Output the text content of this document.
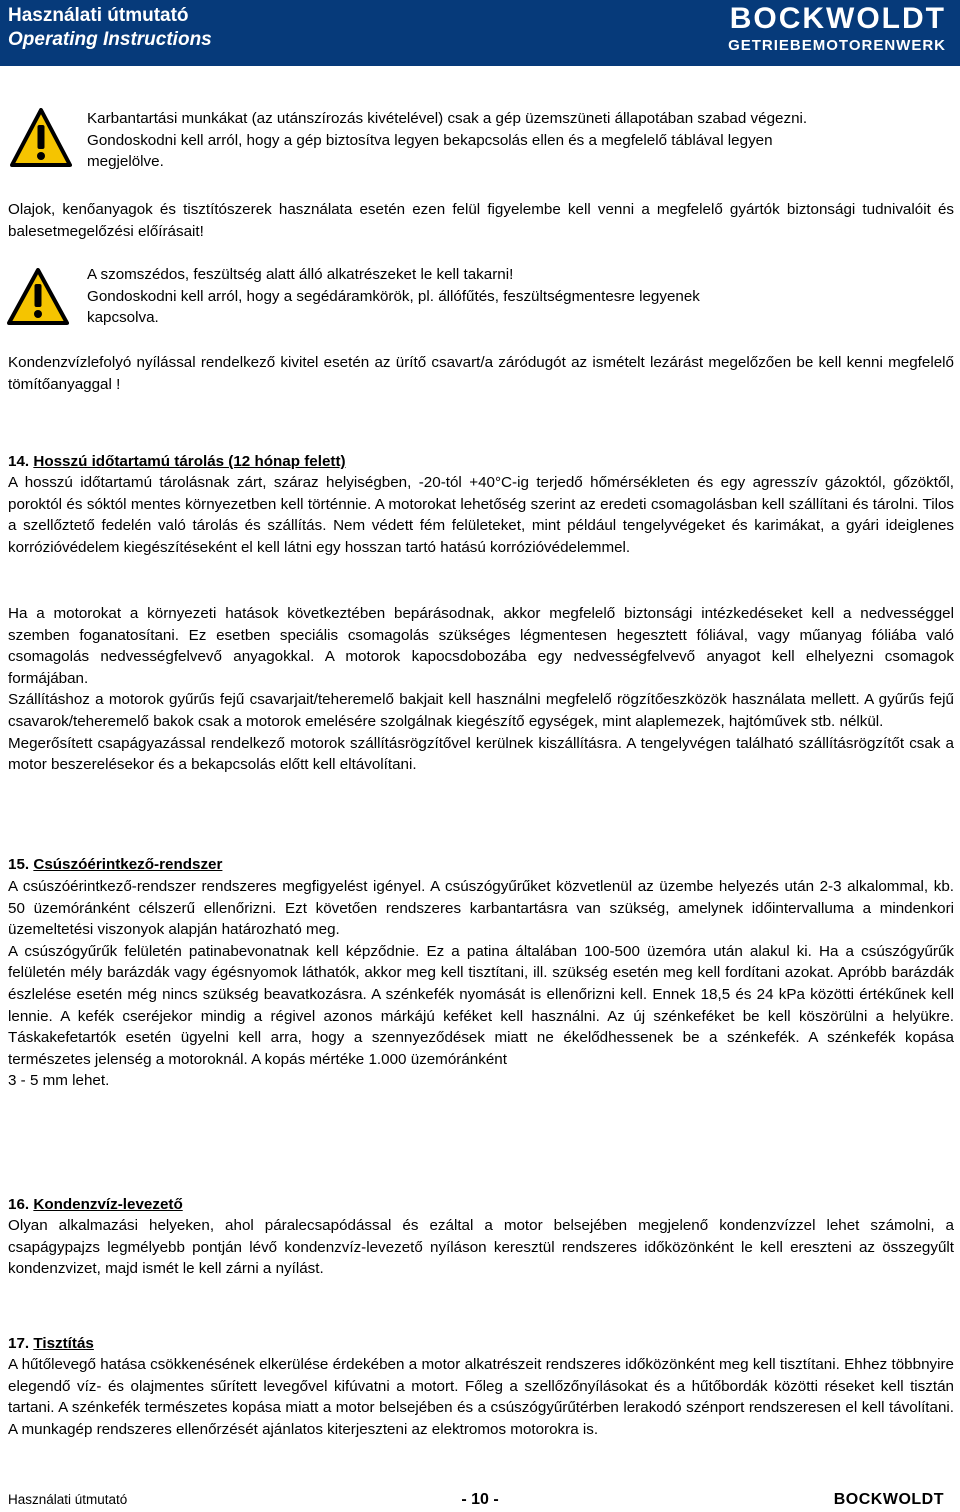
Használati útmutató
Operating Instructions
BOCKWOLDT
GETRIEBEMOTORENWERK
Karbantartási munkákat (az utánszírozás kivételével) csak a gép üzemszüneti állapotában szabad végezni.
Gondoskodni kell arról, hogy a gép biztosítva legyen bekapcsolás ellen és a megfelelő táblával legyen
megjelölve.
Olajok, kenőanyagok és tisztítószerek használata esetén ezen felül figyelembe kell venni a megfelelő gyártók biztonsági tudnivalóit és balesetmegelőzési előírásait!
A szomszédos, feszültség alatt álló alkatrészeket le kell takarni!
Gondoskodni kell arról, hogy a segédáramkörök, pl. állófűtés, feszültségmentesre legyenek
kapcsolva.
Kondenzvízlefolyó nyílással rendelkező kivitel esetén az ürítő csavart/a záródugót az ismételt lezárást megelőzően be kell kenni megfelelő tömítőanyaggal !
14. Hosszú időtartamú tárolás (12 hónap felett)

A hosszú időtartamú tárolásnak zárt, száraz helyiségben, -20-tól +40°C-ig terjedő hőmérsékleten és egy agresszív gázoktól, gőzöktől, poroktól és sóktól mentes környezetben kell történnie. A motorokat lehetőség szerint az eredeti csomagolásban kell szállítani és tárolni. Tilos a szellőztető fedelén való tárolás és szállítás. Nem védett fém felületeket, mint például tengelyvégeket és karimákat, a gyári ideiglenes korrózióvédelem kiegészítéseként el kell látni egy hosszan tartó hatású korrózióvédelemmel.

Ha a motorokat a környezeti hatások következtében bepárásodnak, akkor megfelelő biztonsági intézkedéseket kell a nedvességgel szemben foganatosítani. Ez esetben speciális csomagolás szükséges légmentesen hegesztett fóliával, vagy műanyag fóliába való csomagolás nedvességfelvevő anyagokkal. A motorok kapocsdobozába egy nedvességfelvevő anyagot kell elhelyezni csomagok formájában.

Szállításhoz a motorok gyűrűs fejű csavarjait/teheremelő bakjait kell használni megfelelő rögzítőeszközök használata mellett. A gyűrűs fejű csavarok/teheremelő bakok csak a motorok emelésére szolgálnak kiegészítő egységek, mint alaplemezek, hajtóművek stb. nélkül.

Megerősített csapágyazással rendelkező motorok szállításrögzítővel kerülnek kiszállításra. A tengelyvégen található szállításrögzítőt csak a motor beszerelésekor és a bekapcsolás előtt kell eltávolítani.

15. Csúszóérintkező-rendszer

A csúszóérintkező-rendszer rendszeres megfigyelést igényel. A csúszógyűrűket közvetlenül az üzembe helyezés után 2-3 alkalommal, kb. 50 üzemóránként célszerű ellenőrizni. Ezt követően rendszeres karbantartásra van szükség, amelynek időintervalluma a mindenkori üzemeltetési viszonyok alapján határozható meg.

A csúszógyűrűk felületén patinabevonatnak kell képződnie. Ez a patina általában 100-500 üzemóra után alakul ki. Ha a csúszógyűrűk felületén mély barázdák vagy égésnyomok láthatók, akkor meg kell tisztítani, ill. szükség esetén meg kell fordítani azokat. Apróbb barázdák észlelése esetén még nincs szükség beavatkozásra. A szénkefék nyomását is ellenőrizni kell. Ennek 18,5 és 24 kPa közötti értékűnek kell lennie. A kefék cseréjekor mindig a régivel azonos márkájú keféket kell használni. Az új szénkeféket be kell köszörülni a helyükre. Táskakefetartók esetén ügyelni kell arra, hogy a szennyeződések miatt ne ékelődhessenek be a szénkefék. A szénkefék kopása természetes jelenség a motoroknál. A kopás mértéke 1.000 üzemóránként

3 - 5 mm lehet.

16. Kondenzvíz-levezető

Olyan alkalmazási helyeken, ahol páralecsapódással és ezáltal a motor belsejében megjelenő kondenzvízzel lehet számolni, a csapágypajzs legmélyebb pontján lévő kondenzvíz-levezető nyíláson keresztül rendszeres időközönként le kell ereszteni az összegyűlt kondenzvizet, majd ismét le kell zárni a nyílást.

17. Tisztítás

A hűtőlevegő hatása csökkenésének elkerülése érdekében a motor alkatrészeit rendszeres időközönként meg kell tisztítani. Ehhez többnyire elegendő víz- és olajmentes sűrített levegővel kifúvatni a motort. Főleg a szellőzőnyílásokat és a hűtőbordák közötti réseket kell tisztán tartani. A szénkefék természetes kopása miatt a motor belsejében és a csúszógyűrűtérben lerakodó szénport rendszeresen el kell távolítani. A munkagép rendszeres ellenőrzését ajánlatos kiterjeszteni az elektromos motorokra is.

Használati útmutató	- 10 -	BOCKWOLDT
